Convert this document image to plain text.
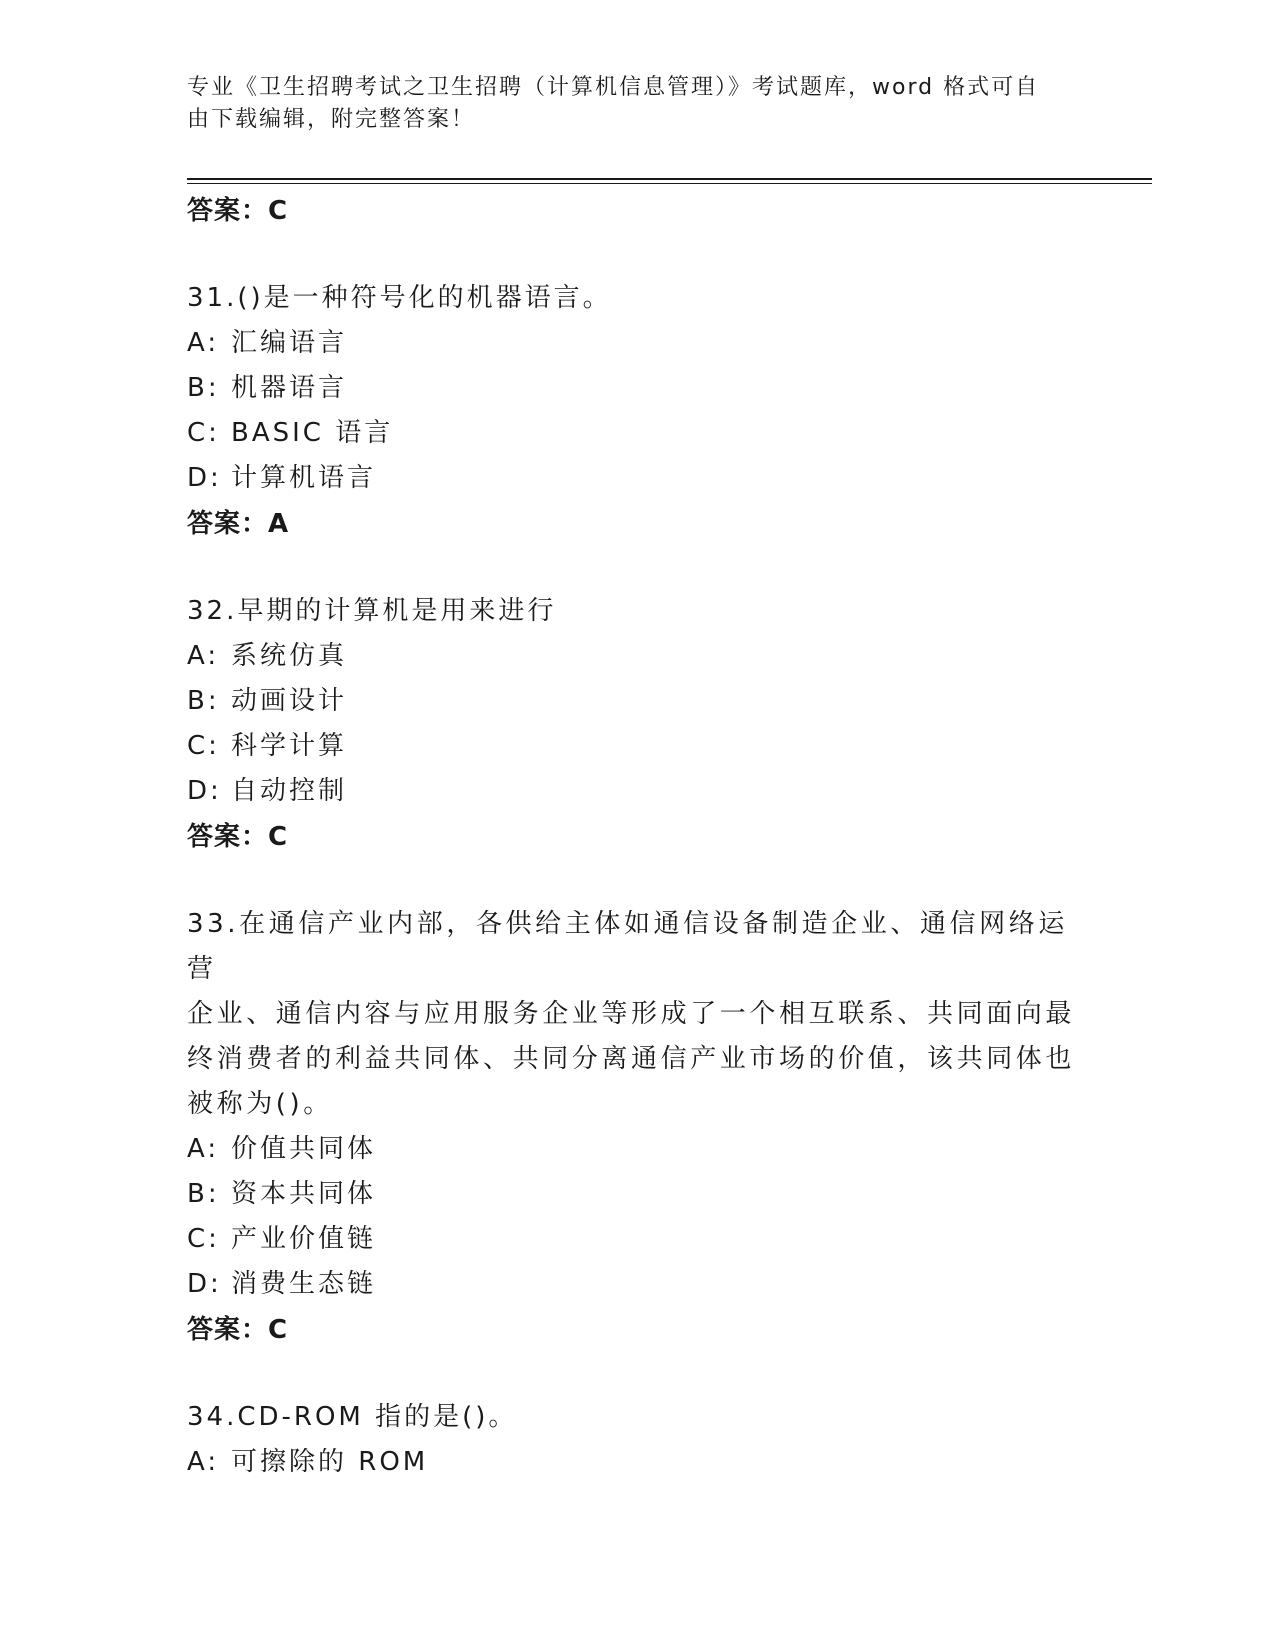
专业《卫生招聘考试之卫生招聘（计算机信息管理）》考试题库，word 格式可自
由下载编辑，附完整答案！
答案：C
31.()是一种符号化的机器语言。
A: 汇编语言
B: 机器语言
C: BASIC 语言
D: 计算机语言
答案：A
32.早期的计算机是用来进行
A: 系统仿真
B: 动画设计
C: 科学计算
D: 自动控制
答案：C
33.在通信产业内部，各供给主体如通信设备制造企业、通信网络运营
企业、通信内容与应用服务企业等形成了一个相互联系、共同面向最
终消费者的利益共同体、共同分离通信产业市场的价值，该共同体也
被称为()。
A: 价值共同体
B: 资本共同体
C: 产业价值链
D: 消费生态链
答案：C
34.CD-ROM 指的是()。
A: 可擦除的 ROM
